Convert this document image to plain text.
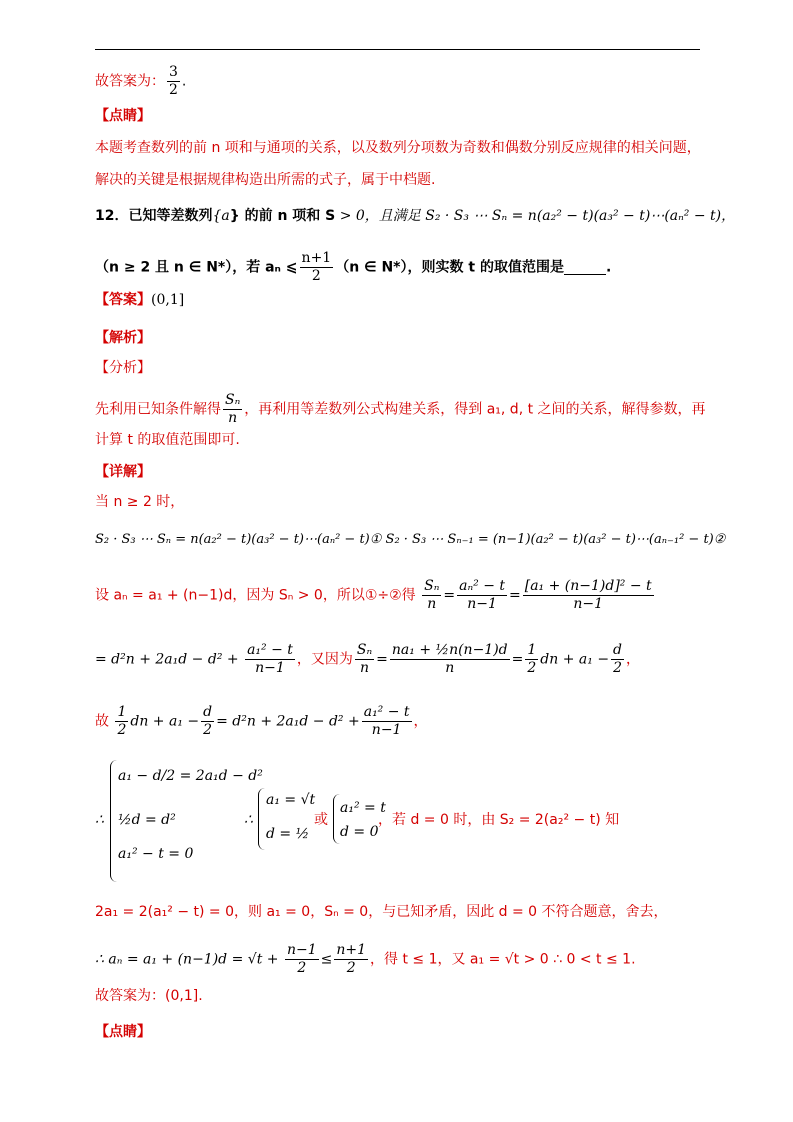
故答案为： $\frac{3}{2}$ .
【点睛】
本题考查数列的前 n 项和与通项的关系，以及数列分项数为奇数和偶数分别反应规律的相关问题，
解决的关键是根据规律构造出所需的式子，属于中档题.
12．已知等差数列{a} 的前 n 项和 S > 0，且满足 S₂ · S₃ ⋯ Sₙ = n(a₂² − t)(a₃² − t)⋯(aₙ² − t)，
（n ≥ 2 且 n ∈ N*），若 aₙ ⩽ $\frac{n+1}{2} (n$ ∈ N*），则实数 t 的取值范围是	.
【答案】(0,1]
【解析】
【分析】
先利用已知条件解得 $\frac{\text{Sₙ}}{n}$ ，再利用等差数列公式构建关系，得到 a₁, d, t 之间的关系，解得参数，再
计算 t 的取值范围即可.
【详解】
当 n ≥ 2 时，
S₂ · S₃ ⋯ Sₙ = n(a₂² − t)(a₃² − t)⋯(aₙ² − t)① S₂ · S₃ ⋯ Sₙ₋₁ = (n−1)(a₂² − t)(a₃² − t)⋯(aₙ₋₁² − t)②
设 aₙ = a₁ + (n−1)d，因为 Sₙ > 0，所以①÷②得 $\frac{\text{Sₙ}}{n} = \frac{\text{aₙ² − t}}{n-1} = \frac{\text{[a₁ + (n−1)d]² − t}}{n-1}$
= $d^2n + 2a_1d - d^2 + \frac{\text{a₁² − t}}{n-1}$ ，又因为 $\frac{\text{Sₙ}}{n} = \frac{\text{na₁ + ½n(n−1)d}}{n} = \frac{1}{2}$ dn + $a_1 - \frac{d}{2}$ ，
故 $\frac{1}{2}$ dn + $a_1 - \frac{d}{2} = d^2n + 2a_1d - d^2 + \frac{\text{a₁² − t}}{n-1}$ ，
∴
a₁ − d/2 = 2a₁d − d²
½d = d²
a₁² − t = 0
∴
a₁ = √t
d = ½
或
a₁² = t
d = 0
，若 d = 0 时，由 S₂ = 2(a₂² − t) 知
2a₁ = 2(a₁² − t) = 0，则 a₁ = 0，Sₙ = 0，与已知矛盾，因此 d = 0 不符合题意，舍去，
∴ $a_n = a_1 + (n-1)d = √t + \frac{n-1}{2} \le \frac{n+1}{2}$ ，得 t ≤ 1，又 a₁ = √t > 0 ∴ 0 < t ≤ 1.
故答案为：(0,1].
【点睛】
